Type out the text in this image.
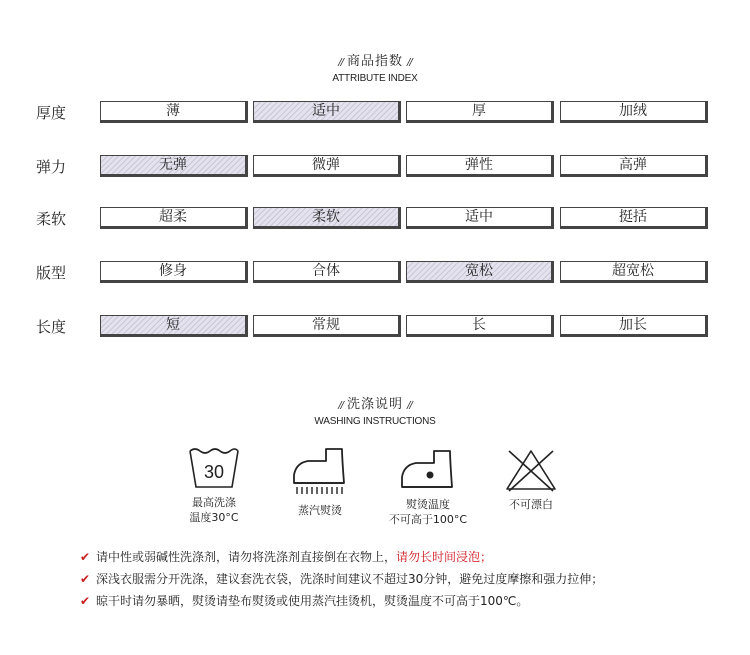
// 商品指数 //
ATTRIBUTE INDEX
厚度	薄	适中	厚	加绒
弹力	无弹	微弹	弹性	高弹
柔软	超柔	柔软	适中	挺括
版型	修身	合体	宽松	超宽松
长度	短	常规	长	加长
// 洗涤说明 //
WASHING INSTRUCTIONS
30
最高洗涤
温度30°C
蒸汽熨烫	熨烫温度
不可高于100°C
不可漂白
✔ 请中性或弱碱性洗涤剂，请勿将洗涤剂直接倒在衣物上，请勿长时间浸泡；
✔ 深浅衣服需分开洗涤，建议套洗衣袋，洗涤时间建议不超过30分钟，避免过度摩擦和强力拉伸；
✔ 晾干时请勿暴晒，熨烫请垫布熨烫或使用蒸汽挂烫机，熨烫温度不可高于100℃。
